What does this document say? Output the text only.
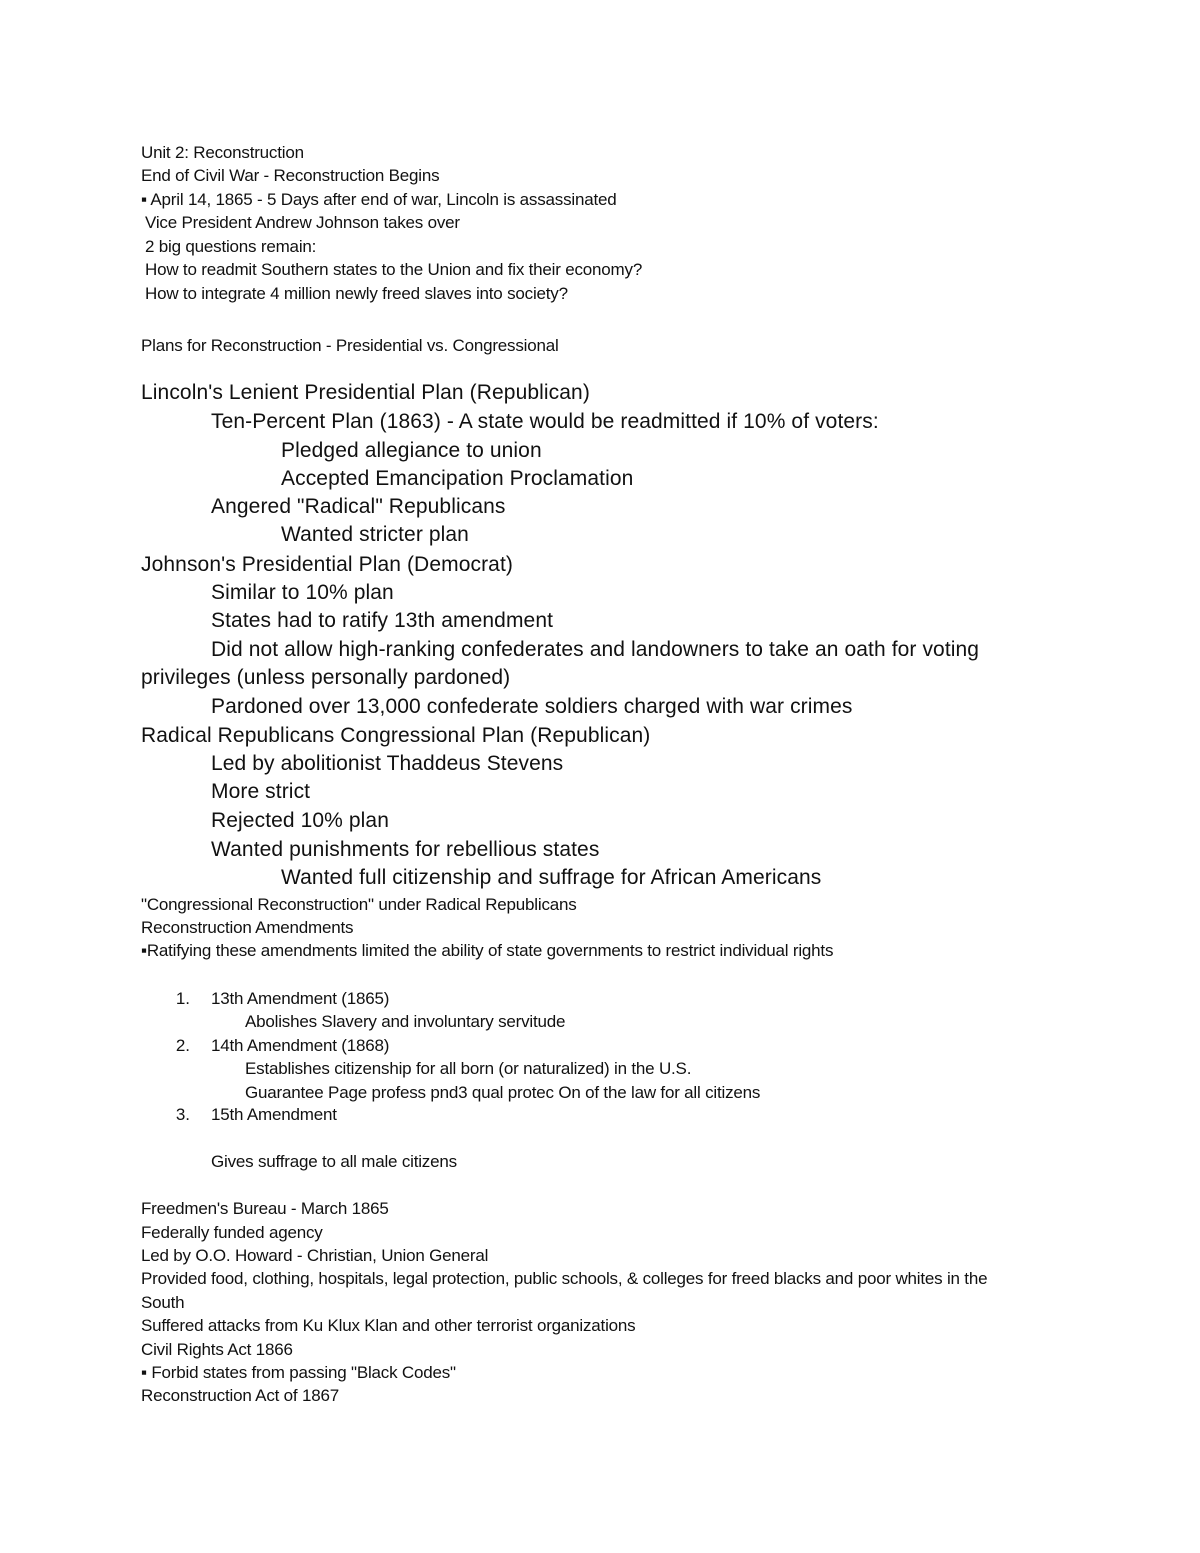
Unit 2: Reconstruction
End of Civil War - Reconstruction Begins
▪ April 14, 1865 - 5 Days after end of war, Lincoln is assassinated
Vice President Andrew Johnson takes over
2 big questions remain:
How to readmit Southern states to the Union and fix their economy?
How to integrate 4 million newly freed slaves into society?
Plans for Reconstruction - Presidential vs. Congressional
Lincoln's Lenient Presidential Plan (Republican)
Ten-Percent Plan (1863) - A state would be readmitted if 10% of voters:
Pledged allegiance to union
Accepted Emancipation Proclamation
Angered "Radical" Republicans
Wanted stricter plan
Johnson's Presidential Plan (Democrat)
Similar to 10% plan
States had to ratify 13th amendment
Did not allow high-ranking confederates and landowners to take an oath for voting
privileges (unless personally pardoned)
Pardoned over 13,000 confederate soldiers charged with war crimes
Radical Republicans Congressional Plan (Republican)
Led by abolitionist Thaddeus Stevens
More strict
Rejected 10% plan
Wanted punishments for rebellious states
Wanted full citizenship and suffrage for African Americans
"Congressional Reconstruction" under Radical Republicans
Reconstruction Amendments
▪Ratifying these amendments limited the ability of state governments to restrict individual rights
1. 13th Amendment (1865)
Abolishes Slavery and involuntary servitude
2. 14th Amendment (1868)
Establishes citizenship for all born (or naturalized) in the U.S.
Guarantee Page profess pnd3 qual protec On of the law for all citizens
3. 15th Amendment
Gives suffrage to all male citizens
Freedmen's Bureau - March 1865
Federally funded agency
Led by O.O. Howard - Christian, Union General
Provided food, clothing, hospitals, legal protection, public schools, & colleges for freed blacks and poor whites in the
South
Suffered attacks from Ku Klux Klan and other terrorist organizations
Civil Rights Act 1866
▪ Forbid states from passing "Black Codes"
Reconstruction Act of 1867
